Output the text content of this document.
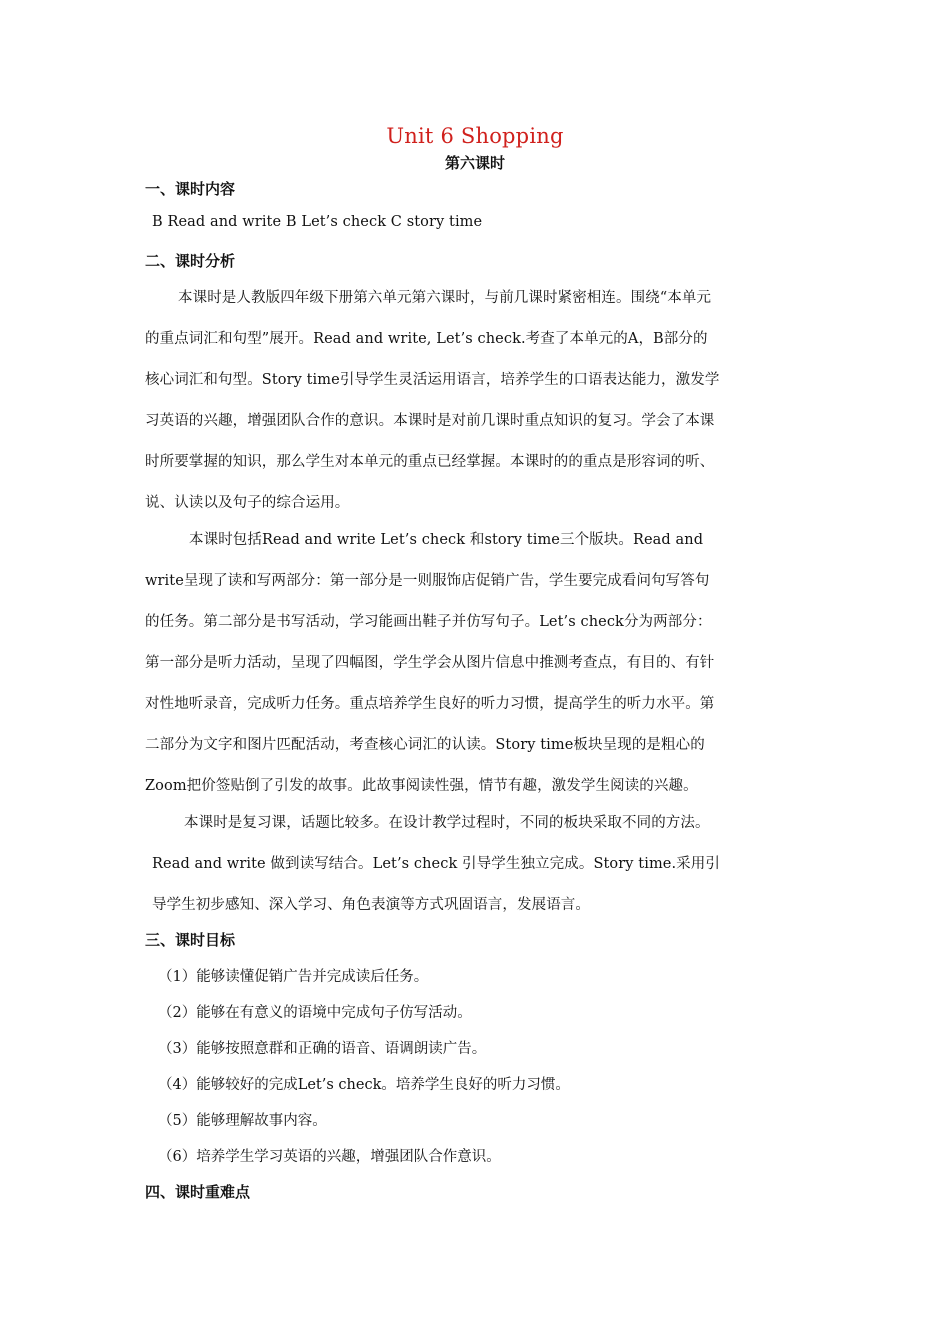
Unit 6 Shopping
第六课时
一、课时内容
B Read and write B Let’s check C story time
二、课时分析
本课时是人教版四年级下册第六单元第六课时，与前几课时紧密相连。围绕“本单元
的重点词汇和句型”展开。Read and write, Let’s check.考查了本单元的A，B部分的
核心词汇和句型。Story time引导学生灵活运用语言，培养学生的口语表达能力，激发学
习英语的兴趣，增强团队合作的意识。本课时是对前几课时重点知识的复习。学会了本课
时所要掌握的知识，那么学生对本单元的重点已经掌握。本课时的的重点是形容词的听、
说、认读以及句子的综合运用。
本课时包括Read and write Let’s check 和story time三个版块。Read and
write呈现了读和写两部分：第一部分是一则服饰店促销广告，学生要完成看问句写答句
的任务。第二部分是书写活动，学习能画出鞋子并仿写句子。Let’s check分为两部分：
第一部分是听力活动，呈现了四幅图，学生学会从图片信息中推测考查点，有目的、有针
对性地听录音，完成听力任务。重点培养学生良好的听力习惯，提高学生的听力水平。第
二部分为文字和图片匹配活动，考查核心词汇的认读。Story time板块呈现的是粗心的
Zoom把价签贴倒了引发的故事。此故事阅读性强，情节有趣，激发学生阅读的兴趣。
本课时是复习课，话题比较多。在设计教学过程时，不同的板块采取不同的方法。
Read and write 做到读写结合。Let’s check 引导学生独立完成。Story time.采用引
导学生初步感知、深入学习、角色表演等方式巩固语言，发展语言。
三、课时目标
（1）能够读懂促销广告并完成读后任务。
（2）能够在有意义的语境中完成句子仿写活动。
（3）能够按照意群和正确的语音、语调朗读广告。
（4）能够较好的完成Let’s check。培养学生良好的听力习惯。
（5）能够理解故事内容。
（6）培养学生学习英语的兴趣，增强团队合作意识。
四、课时重难点
